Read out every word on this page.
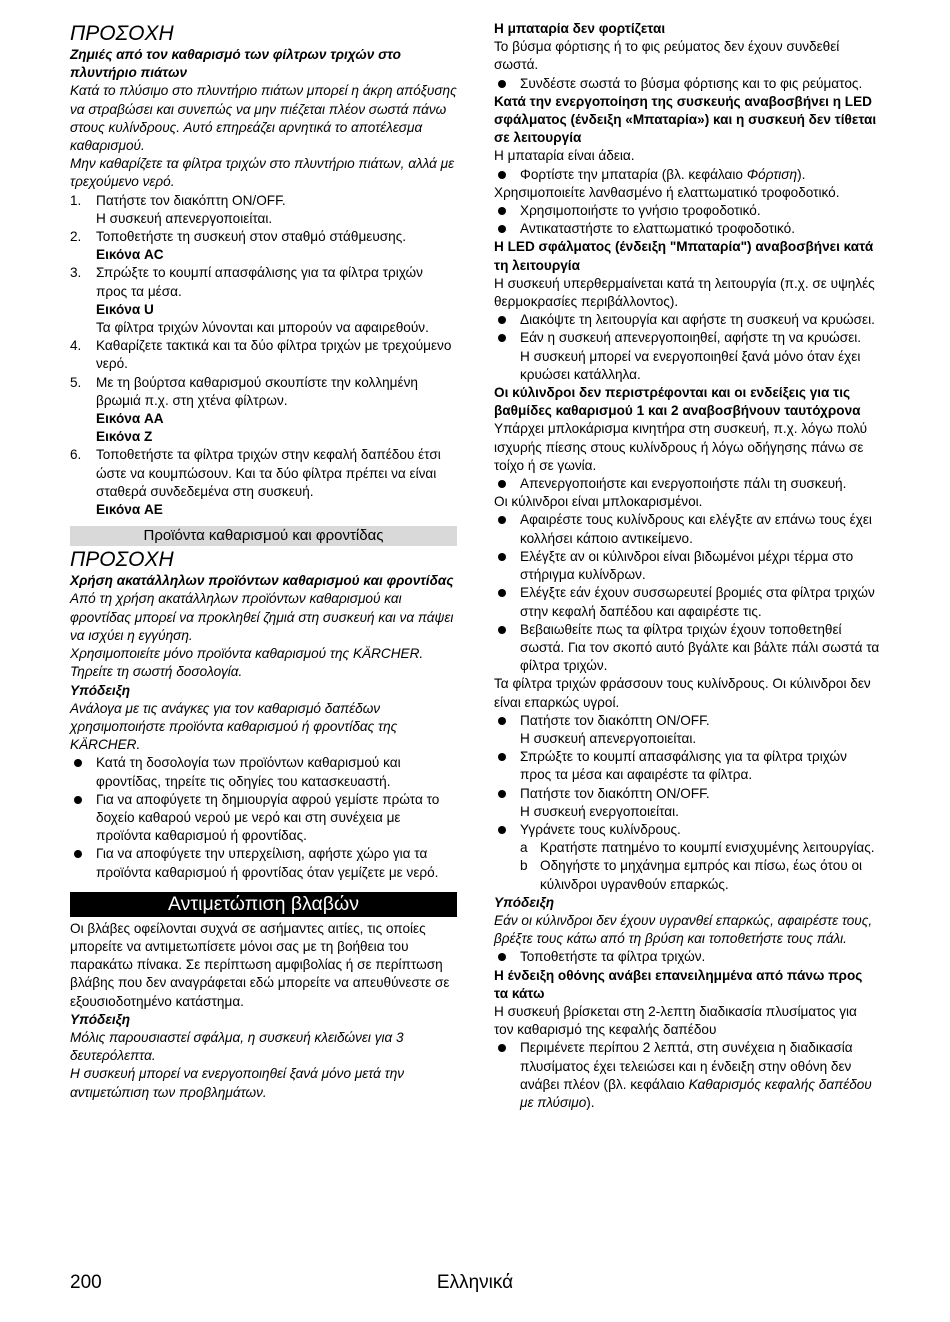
ΠΡΟΣΟΧΗ

Ζημιές από τον καθαρισμό των φίλτρων τριχών στο πλυντήριο πιάτων

Κατά το πλύσιμο στο πλυντήριο πιάτων μπορεί η άκρη απόξυσης να στραβώσει και συνεπώς να μην πιέζεται πλέον σωστά πάνω στους κυλίνδρους. Αυτό επηρεάζει αρνητικά το αποτέλεσμα καθαρισμού.

Μην καθαρίζετε τα φίλτρα τριχών στο πλυντήριο πιάτων, αλλά με τρεχούμενο νερό.

1. Πατήστε τον διακόπτη ON/OFF.
Η συσκευή απενεργοποιείται.
2. Τοποθετήστε τη συσκευή στον σταθμό στάθμευσης.
Εικόνα AC
3. Σπρώξτε το κουμπί απασφάλισης για τα φίλτρα τριχών προς τα μέσα.
Εικόνα U
Τα φίλτρα τριχών λύνονται και μπορούν να αφαιρεθούν.
4. Καθαρίζετε τακτικά και τα δύο φίλτρα τριχών με τρεχούμενο νερό.
5. Με τη βούρτσα καθαρισμού σκουπίστε την κολλημένη βρωμιά π.χ. στη χτένα φίλτρων.
Εικόνα AA
Εικόνα Z
6. Τοποθετήστε τα φίλτρα τριχών στην κεφαλή δαπέδου έτσι ώστε να κουμπώσουν. Και τα δύο φίλτρα πρέπει να είναι σταθερά συνδεδεμένα στη συσκευή.
Εικόνα AE
Προϊόντα καθαρισμού και φροντίδας

ΠΡΟΣΟΧΗ

Χρήση ακατάλληλων προϊόντων καθαρισμού και φροντίδας

Από τη χρήση ακατάλληλων προϊόντων καθαρισμού και φροντίδας μπορεί να προκληθεί ζημιά στη συσκευή και να πάψει να ισχύει η εγγύηση.

Χρησιμοποιείτε μόνο προϊόντα καθαρισμού της KÄRCHER.

Τηρείτε τη σωστή δοσολογία.

Υπόδειξη

Ανάλογα με τις ανάγκες για τον καθαρισμό δαπέδων χρησιμοποιήστε προϊόντα καθαρισμού ή φροντίδας της KÄRCHER.

Κατά τη δοσολογία των προϊόντων καθαρισμού και φροντίδας, τηρείτε τις οδηγίες του κατασκευαστή.
Για να αποφύγετε τη δημιουργία αφρού γεμίστε πρώτα το δοχείο καθαρού νερού με νερό και στη συνέχεια με προϊόντα καθαρισμού ή φροντίδας.
Για να αποφύγετε την υπερχείλιση, αφήστε χώρο για τα προϊόντα καθαρισμού ή φροντίδας όταν γεμίζετε με νερό.
Αντιμετώπιση βλαβών

Οι βλάβες οφείλονται συχνά σε ασήμαντες αιτίες, τις οποίες μπορείτε να αντιμετωπίσετε μόνοι σας με τη βοήθεια του παρακάτω πίνακα. Σε περίπτωση αμφιβολίας ή σε περίπτωση βλάβης που δεν αναγράφεται εδώ μπορείτε να απευθύνεστε σε εξουσιοδοτημένο κατάστημα.

Υπόδειξη

Μόλις παρουσιαστεί σφάλμα, η συσκευή κλειδώνει για 3 δευτερόλεπτα.

Η συσκευή μπορεί να ενεργοποιηθεί ξανά μόνο μετά την αντιμετώπιση των προβλημάτων.

Η μπαταρία δεν φορτίζεται

Το βύσμα φόρτισης ή το φις ρεύματος δεν έχουν συνδεθεί σωστά.

Συνδέστε σωστά το βύσμα φόρτισης και το φις ρεύματος.

Κατά την ενεργοποίηση της συσκευής αναβοσβήνει η LED σφάλματος (ένδειξη «Μπαταρία») και η συσκευή δεν τίθεται σε λειτουργία

Η μπαταρία είναι άδεια.

Φορτίστε την μπαταρία (βλ. κεφάλαιο Φόρτιση).

Χρησιμοποιείτε λανθασμένο ή ελαττωματικό τροφοδοτικό.

Χρησιμοποιήστε το γνήσιο τροφοδοτικό.
Αντικαταστήστε το ελαττωματικό τροφοδοτικό.

Η LED σφάλματος (ένδειξη "Μπαταρία") αναβοσβήνει κατά τη λειτουργία

Η συσκευή υπερθερμαίνεται κατά τη λειτουργία (π.χ. σε υψηλές θερμοκρασίες περιβάλλοντος).

Διακόψτε τη λειτουργία και αφήστε τη συσκευή να κρυώσει.
Εάν η συσκευή απενεργοποιηθεί, αφήστε τη να κρυώσει.
Η συσκευή μπορεί να ενεργοποιηθεί ξανά μόνο όταν έχει κρυώσει κατάλληλα.

Οι κύλινδροι δεν περιστρέφονται και οι ενδείξεις για τις βαθμίδες καθαρισμού 1 και 2 αναβοσβήνουν ταυτόχρονα

Υπάρχει μπλοκάρισμα κινητήρα στη συσκευή, π.χ. λόγω πολύ ισχυρής πίεσης στους κυλίνδρους ή λόγω οδήγησης πάνω σε τοίχο ή σε γωνία.

Απενεργοποιήστε και ενεργοποιήστε πάλι τη συσκευή.

Οι κύλινδροι είναι μπλοκαρισμένοι.

Αφαιρέστε τους κυλίνδρους και ελέγξτε αν επάνω τους έχει κολλήσει κάποιο αντικείμενο.
Ελέγξτε αν οι κύλινδροι είναι βιδωμένοι μέχρι τέρμα στο στήριγμα κυλίνδρων.
Ελέγξτε εάν έχουν συσσωρευτεί βρομιές στα φίλτρα τριχών στην κεφαλή δαπέδου και αφαιρέστε τις.
Βεβαιωθείτε πως τα φίλτρα τριχών έχουν τοποθετηθεί σωστά. Για τον σκοπό αυτό βγάλτε και βάλτε πάλι σωστά τα φίλτρα τριχών.

Τα φίλτρα τριχών φράσσουν τους κυλίνδρους. Οι κύλινδροι δεν είναι επαρκώς υγροί.

Πατήστε τον διακόπτη ON/OFF.
Η συσκευή απενεργοποιείται.
Σπρώξτε το κουμπί απασφάλισης για τα φίλτρα τριχών προς τα μέσα και αφαιρέστε τα φίλτρα.
Πατήστε τον διακόπτη ON/OFF.
Η συσκευή ενεργοποιείται.
Υγράνετε τους κυλίνδρους.
a Κρατήστε πατημένο το κουμπί ενισχυμένης λειτουργίας.
b Οδηγήστε το μηχάνημα εμπρός και πίσω, έως ότου οι κύλινδροι υγρανθούν επαρκώς.

Υπόδειξη

Εάν οι κύλινδροι δεν έχουν υγρανθεί επαρκώς, αφαιρέστε τους, βρέξτε τους κάτω από τη βρύση και τοποθετήστε τους πάλι.

Τοποθετήστε τα φίλτρα τριχών.

Η ένδειξη οθόνης ανάβει επανειλημμένα από πάνω προς τα κάτω

Η συσκευή βρίσκεται στη 2-λεπτη διαδικασία πλυσίματος για τον καθαρισμό της κεφαλής δαπέδου

Περιμένετε περίπου 2 λεπτά, στη συνέχεια η διαδικασία πλυσίματος έχει τελειώσει και η ένδειξη στην οθόνη δεν ανάβει πλέον (βλ. κεφάλαιο Καθαρισμός κεφαλής δαπέδου με πλύσιμο).
200	Ελληνικά
